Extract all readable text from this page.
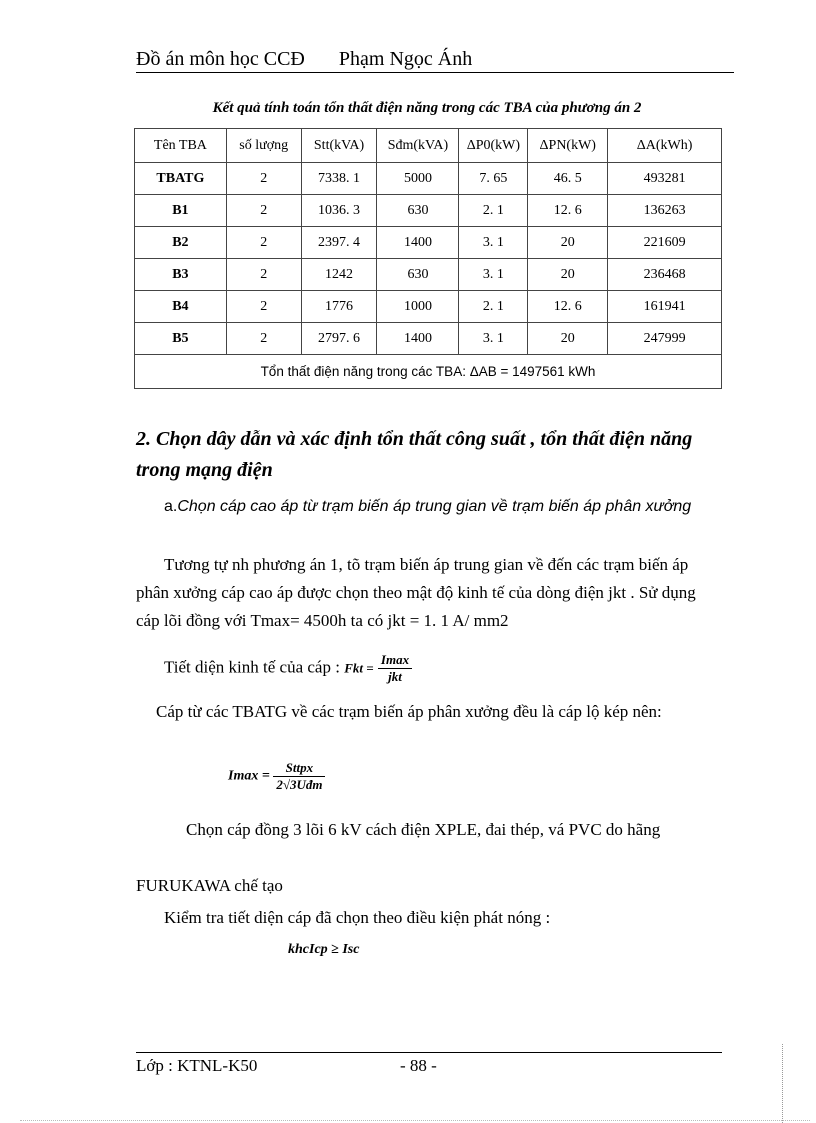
Đồ án môn học CCĐ Phạm Ngọc Ánh
Kết quả tính toán tổn thất điện năng trong các TBA của phương án 2
Tên TBA	số lượng	Stt(kVA)	Sđm(kVA)	ΔP0(kW)	ΔPN(kW)	ΔA(kWh)
TBATG	2	7338. 1	5000	7. 65	46. 5	493281
B1	2	1036. 3	630	2. 1	12. 6	136263
B2	2	2397. 4	1400	3. 1	20	221609
B3	2	1242	630	3. 1	20	236468
B4	2	1776	1000	2. 1	12. 6	161941
B5	2	2797. 6	1400	3. 1	20	247999
Tổn thất điện năng trong các TBA: ΔAB = 1497561 kWh						
2. Chọn dây dẫn và xác định tổn thất công suất , tổn thất điện năng trong mạng điện
a.Chọn cáp cao áp từ trạm biến áp trung gian về trạm biến áp phân xưởng
Tương tự nh phương án 1, tõ trạm biến áp trung gian về đến các trạm biến áp phân xưởng cáp cao áp được chọn theo mật độ kinh tế của dòng điện jkt . Sử dụng cáp lõi đồng với Tmax= 4500h ta có jkt = 1. 1 A/ mm2
Tiết diện kinh tế của cáp : Fkt = $\frac{Imax}{\text{jkt}}$
Cáp từ các TBATG về các trạm biến áp phân xưởng đều là cáp lộ kép nên:
$Imax = \frac{\text{Sttpx}}{\text{2√3Uđm}}$
Chọn cáp đồng 3 lõi 6 kV cách điện XPLE, đai thép, vá PVC do hãng
FURUKAWA chế tạo
Kiểm tra tiết diện cáp đã chọn theo điều kiện phát nóng :
khcIcp ≥ Isc
Lớp : KTNL-K50	- 88 -
